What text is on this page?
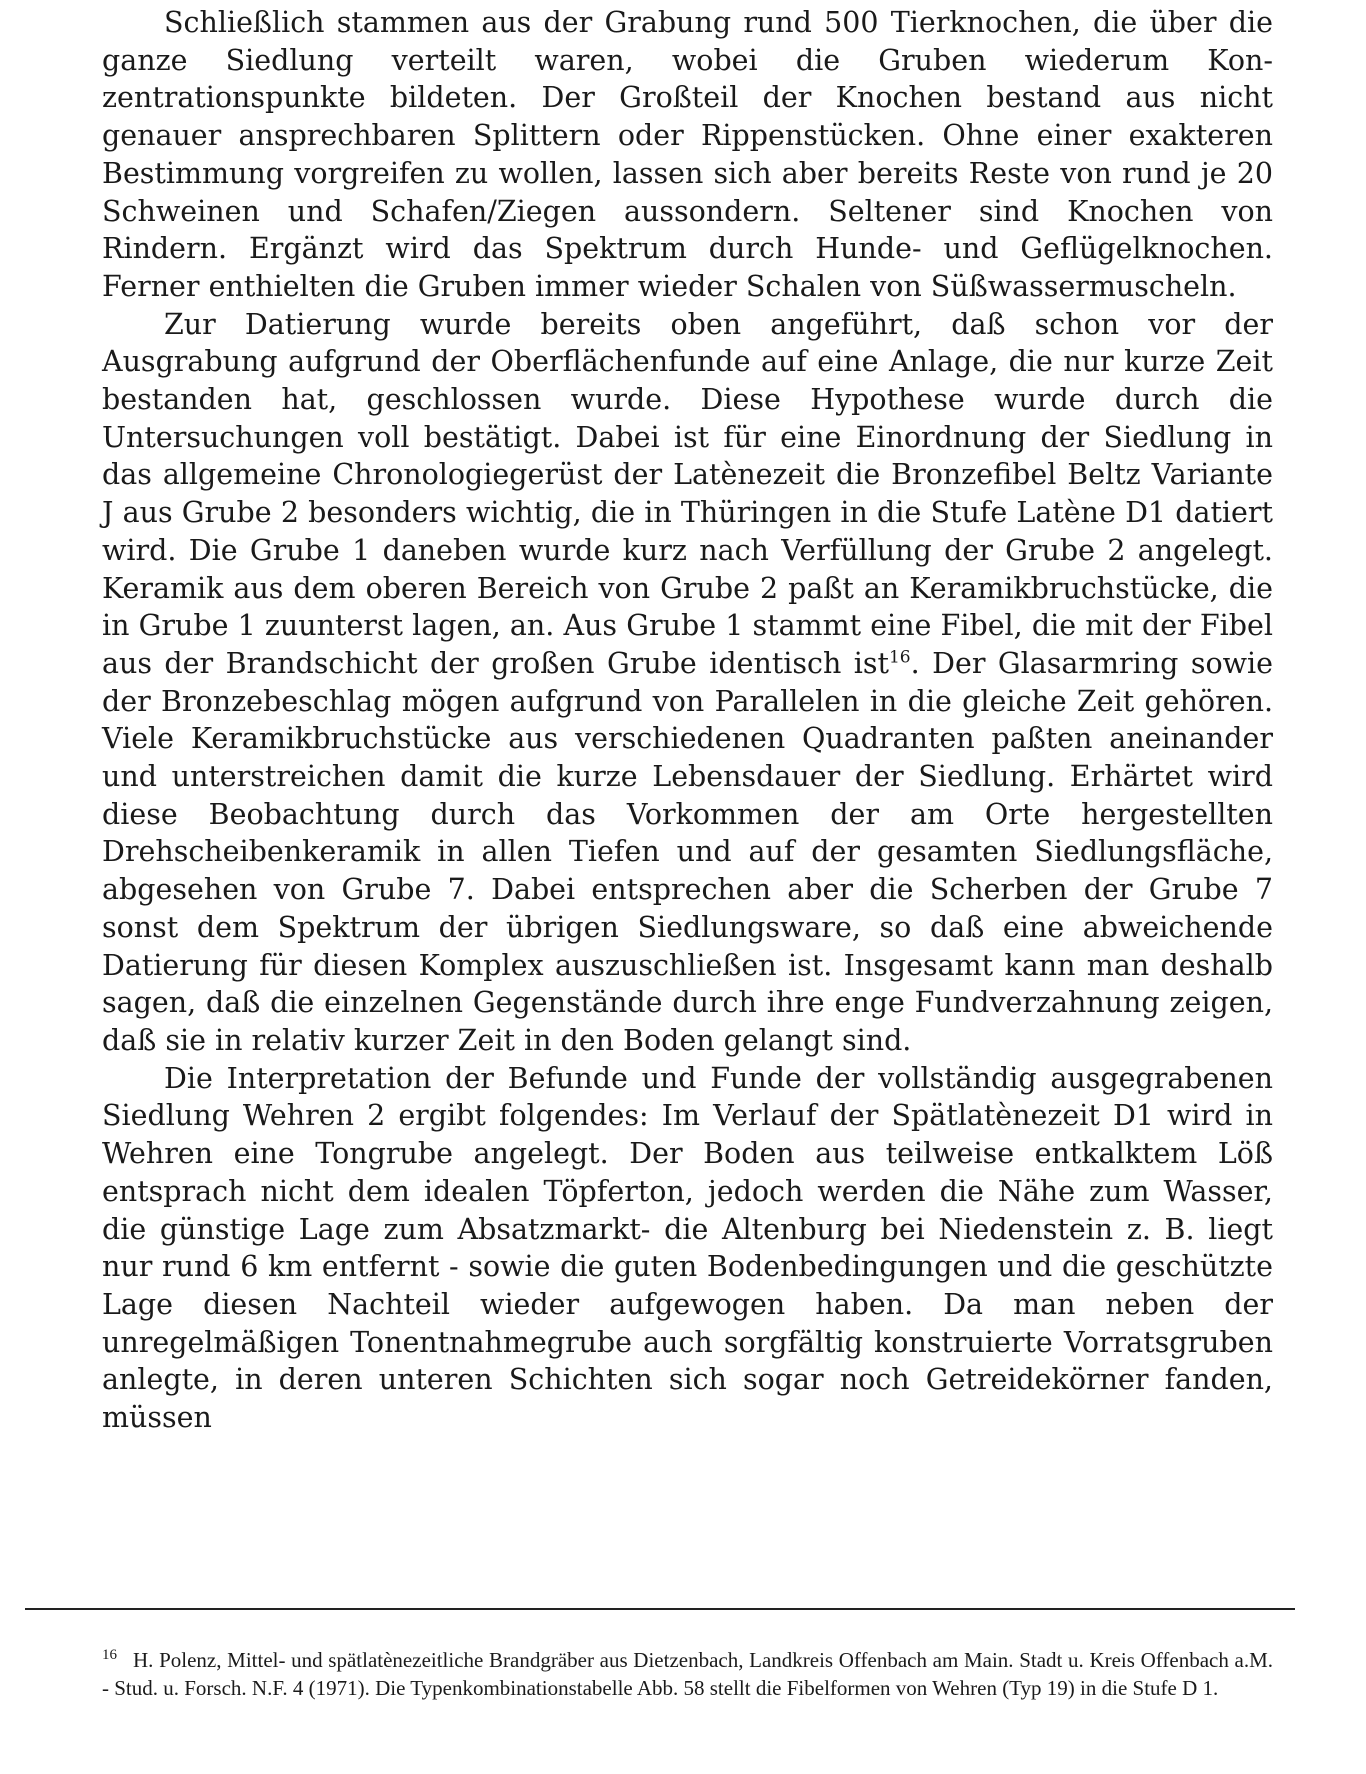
Schließlich stammen aus der Grabung rund 500 Tierknochen, die über die ganze Siedlung verteilt waren, wobei die Gruben wiederum Konzentrationspunkte bildeten. Der Großteil der Knochen bestand aus nicht genauer ansprechbaren Splittern oder Rippenstücken. Ohne einer exakteren Bestimmung vorgreifen zu wollen, lassen sich aber bereits Reste von rund je 20 Schweinen und Schafen/Ziegen aussondern. Seltener sind Knochen von Rindern. Ergänzt wird das Spektrum durch Hunde- und Geflügelknochen. Ferner enthielten die Gruben immer wieder Schalen von Süßwassermuscheln.

Zur Datierung wurde bereits oben angeführt, daß schon vor der Ausgrabung aufgrund der Oberflächenfunde auf eine Anlage, die nur kurze Zeit bestanden hat, geschlossen wurde. Diese Hypothese wurde durch die Untersuchungen voll bestätigt. Dabei ist für eine Einordnung der Siedlung in das allgemeine Chronologiegerüst der Latènezeit die Bronzefibel Beltz Variante J aus Grube 2 besonders wichtig, die in Thüringen in die Stufe Latène D1 datiert wird. Die Grube 1 daneben wurde kurz nach Verfüllung der Grube 2 angelegt. Keramik aus dem oberen Bereich von Grube 2 paßt an Keramikbruchstücke, die in Grube 1 zuunterst lagen, an. Aus Grube 1 stammt eine Fibel, die mit der Fibel aus der Brandschicht der großen Grube identisch ist$^{16}$. Der Glasarmring sowie der Bronzebeschlag mögen aufgrund von Parallelen in die gleiche Zeit gehören. Viele Keramikbruchstücke aus verschiedenen Quadranten paßten aneinander und unterstreichen damit die kurze Lebensdauer der Siedlung. Erhärtet wird diese Beobachtung durch das Vorkommen der am Orte hergestellten Drehscheibenkeramik in allen Tiefen und auf der gesamten Siedlungsfläche, abgesehen von Grube 7. Dabei entsprechen aber die Scherben der Grube 7 sonst dem Spektrum der übrigen Siedlungsware, so daß eine abweichende Datierung für diesen Komplex auszuschließen ist. Insgesamt kann man deshalb sagen, daß die einzelnen Gegenstände durch ihre enge Fundverzahnung zeigen, daß sie in relativ kurzer Zeit in den Boden gelangt sind.

Die Interpretation der Befunde und Funde der vollständig ausgegrabenen Siedlung Wehren 2 ergibt folgendes: Im Verlauf der Spätlatènezeit D1 wird in Wehren eine Tongrube angelegt. Der Boden aus teilweise entkalktem Löß entsprach nicht dem idealen Töpferton, jedoch werden die Nähe zum Wasser, die günstige Lage zum Absatzmarkt- die Altenburg bei Niedenstein z. B. liegt nur rund 6 km entfernt - sowie die guten Bodenbedingungen und die geschützte Lage diesen Nachteil wieder aufgewogen haben. Da man neben der unregelmäßigen Tonentnahmegrube auch sorgfältig konstruierte Vorratsgruben anlegte, in deren unteren Schichten sich sogar noch Getreidekörner fanden, müssen

$^{16}$ H. Polenz, Mittel- und spätlatènezeitliche Brandgräber aus Dietzenbach, Landkreis Offenbach am Main. Stadt u. Kreis Offenbach a.M. - Stud. u. Forsch. N.F. 4 (1971). Die Typenkombinationstabelle Abb. 58 stellt die Fibelformen von Wehren (Typ 19) in die Stufe D 1.
